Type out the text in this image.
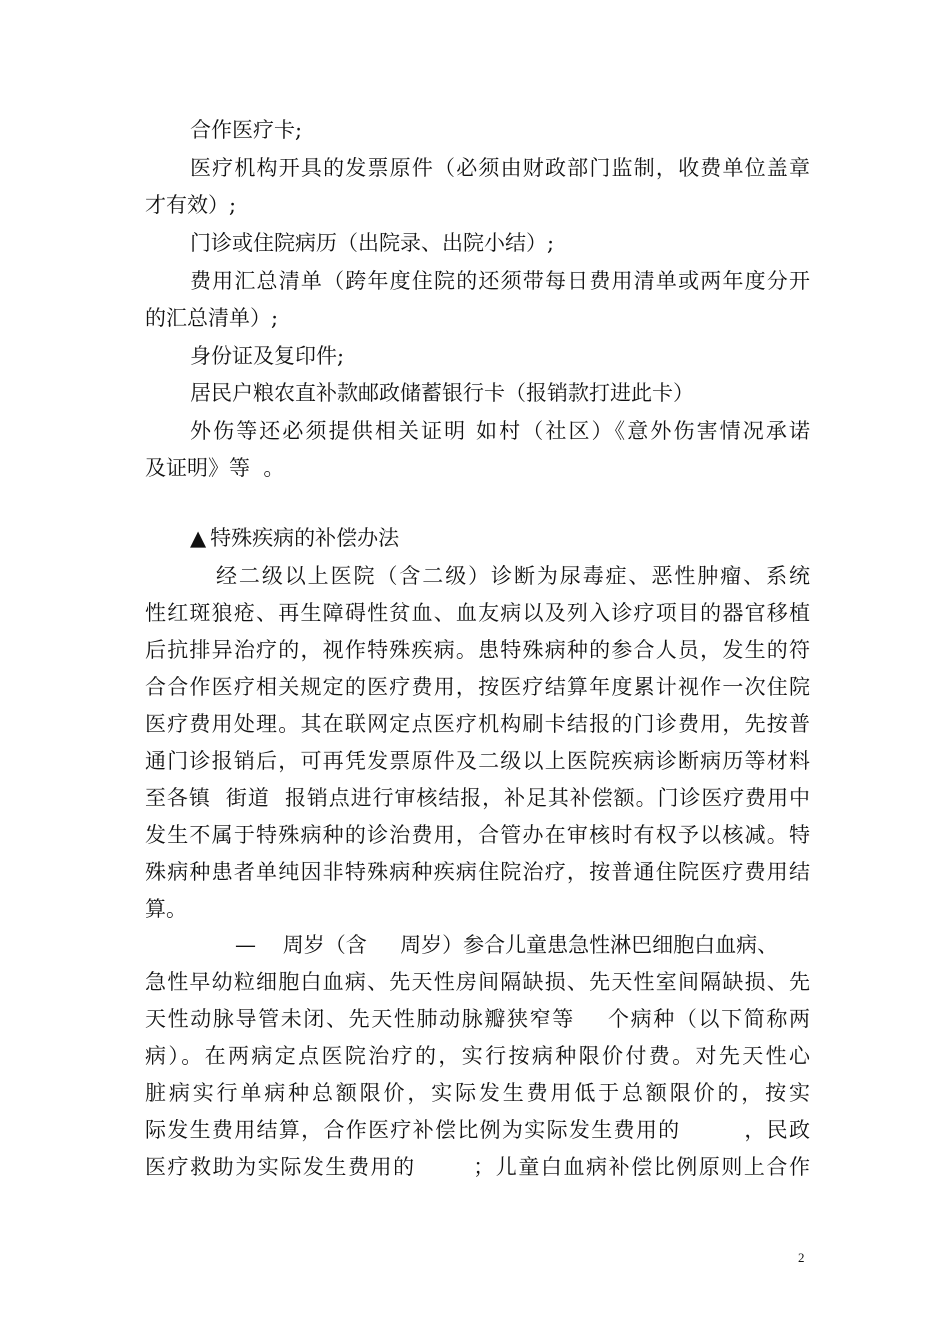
合作医疗卡;
医疗机构开具的发票原件（必须由财政部门监制，收费单位盖章
才有效）;
门诊或住院病历（出院录、出院小结）;
费用汇总清单（跨年度住院的还须带每日费用清单或两年度分开
的汇总清单）;
身份证及复印件;
居民户粮农直补款邮政储蓄银行卡（报销款打进此卡）
外伤等还必须提供相关证明 如村（社区）《意外伤害情况承诺
及证明》等  。
▲ 特殊疾病的补偿办法
经二级以上医院（含二级）诊断为尿毒症、恶性肿瘤、系统
性红斑狼疮、再生障碍性贫血、血友病以及列入诊疗项目的器官移植
后抗排异治疗的，视作特殊疾病。患特殊病种的参合人员，发生的符
合合作医疗相关规定的医疗费用，按医疗结算年度累计视作一次住院
医疗费用处理。其在联网定点医疗机构刷卡结报的门诊费用，先按普
通门诊报销后，可再凭发票原件及二级以上医院疾病诊断病历等材料
至各镇  街道  报销点进行审核结报，补足其补偿额。门诊医疗费用中
发生不属于特殊病种的诊治费用，合管办在审核时有权予以核减。特
殊病种患者单纯因非特殊病种疾病住院治疗，按普通住院医疗费用结
算。
—    周岁（含     周岁）参合儿童患急性淋巴细胞白血病、
急性早幼粒细胞白血病、先天性房间隔缺损、先天性室间隔缺损、先
天性动脉导管未闭、先天性肺动脉瓣狭窄等    个病种（以下简称两
病）。在两病定点医院治疗的，实行按病种限价付费。对先天性心
脏病实行单病种总额限价，实际发生费用低于总额限价的，按实
际发生费用结算，合作医疗补偿比例为实际发生费用的        ，民政
医疗救助为实际发生费用的       ；儿童白血病补偿比例原则上合作
2
